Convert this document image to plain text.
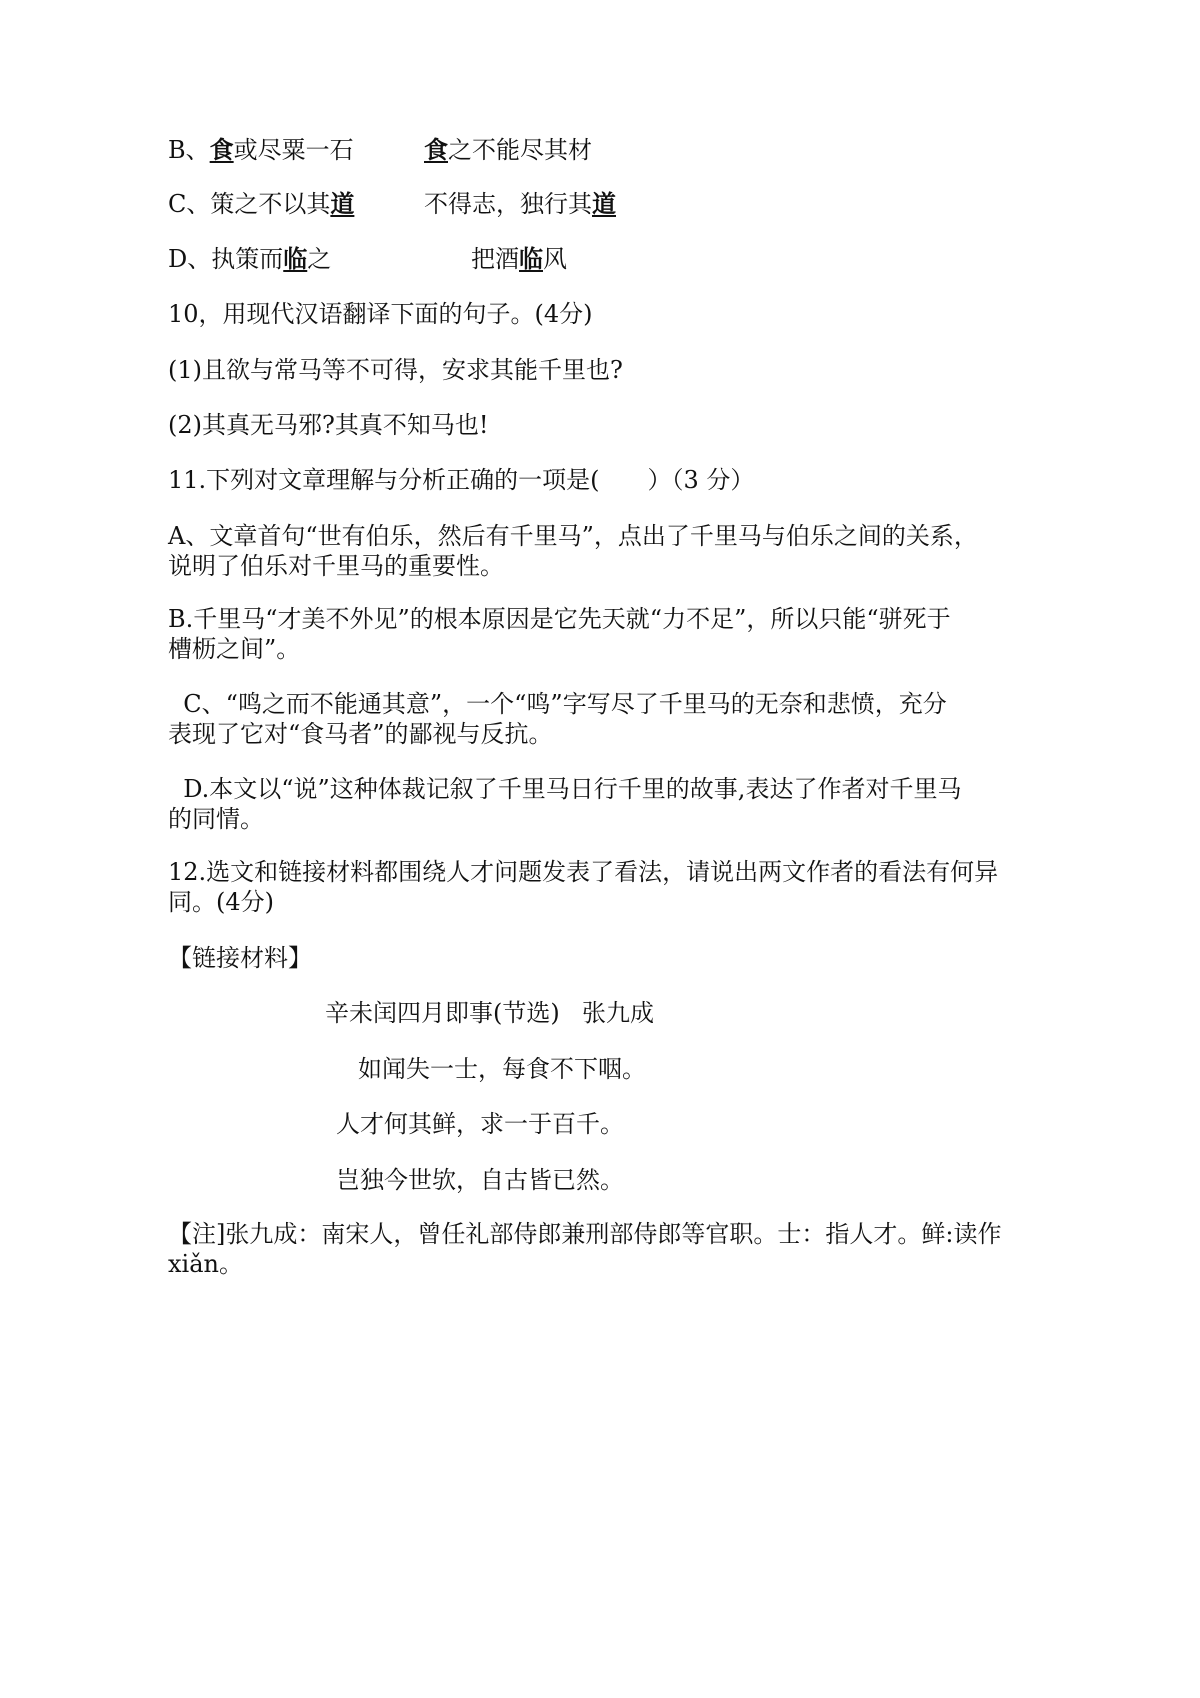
B、食或尽粟一石	食之不能尽其材
C、策之不以其道	不得志，独行其道
D、执策而临之	把酒临风
10，用现代汉语翻译下面的句子。(4分)
(1)且欲与常马等不可得，安求其能千里也?
(2)其真无马邪?其真不知马也!
11.下列对文章理解与分析正确的一项是(　　）（3 分）
A、文章首句“世有伯乐，然后有千里马”，点出了千里马与伯乐之间的关系，
说明了伯乐对千里马的重要性。
B.千里马“才美不外见”的根本原因是它先天就“力不足”，所以只能“骈死于
槽枥之间”。
C、“鸣之而不能通其意”，一个“鸣”字写尽了千里马的无奈和悲愤，充分
表现了它对“食马者”的鄙视与反抗。
D.本文以“说”这种体裁记叙了千里马日行千里的故事,表达了作者对千里马
的同情。
12.选文和链接材料都围绕人才问题发表了看法，请说出两文作者的看法有何异
同。(4分)
【链接材料】
辛未闰四月即事(节选) 张九成
如闻失一士，每食不下咽。
人才何其鲜，求一于百千。
岂独今世欤，自古皆已然。
【注]张九成：南宋人，曾任礼部侍郎兼刑部侍郎等官职。士：指人才。鲜:读作
xiǎn。
